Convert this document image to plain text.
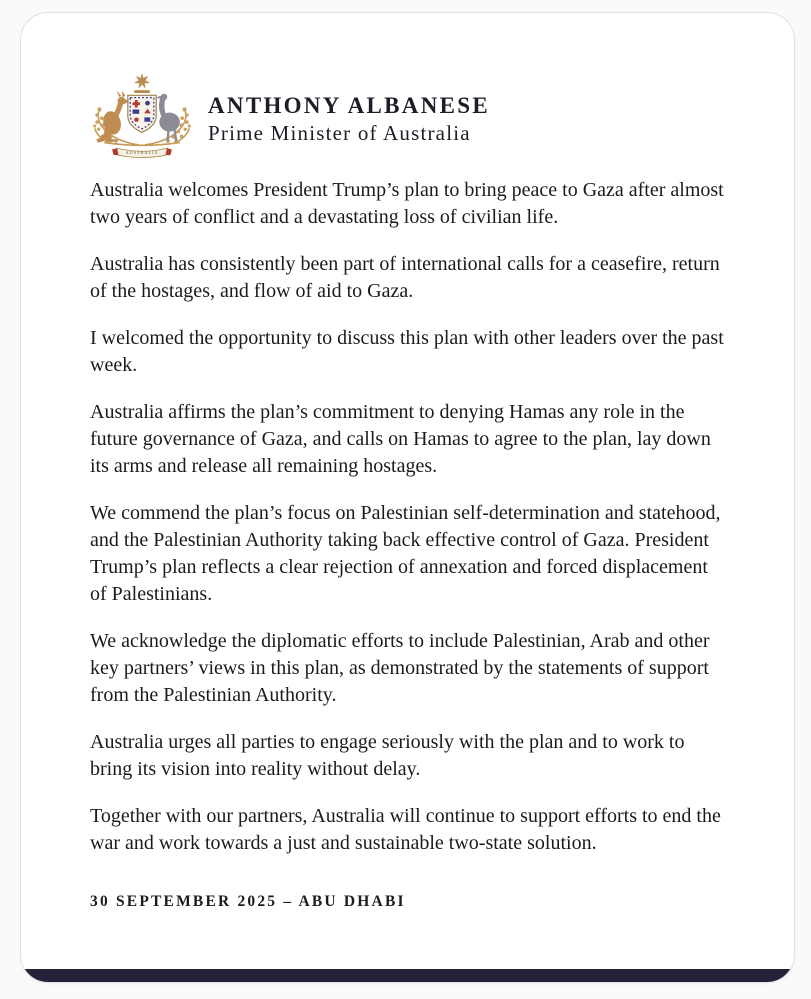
AUSTRALIA
ANTHONY ALBANESE
Prime Minister of Australia

Australia welcomes President Trump’s plan to bring peace to Gaza after almost two years of conflict and a devastating loss of civilian life.

Australia has consistently been part of international calls for a ceasefire, return of the hostages, and flow of aid to Gaza.

I welcomed the opportunity to discuss this plan with other leaders over the past week.

Australia affirms the plan’s commitment to denying Hamas any role in the future governance of Gaza, and calls on Hamas to agree to the plan, lay down its arms and release all remaining hostages.

We commend the plan’s focus on Palestinian self-determination and statehood, and the Palestinian Authority taking back effective control of Gaza. President Trump’s plan reflects a clear rejection of annexation and forced displacement of Palestinians.

We acknowledge the diplomatic efforts to include Palestinian, Arab and other key partners’ views in this plan, as demonstrated by the statements of support from the Palestinian Authority.

Australia urges all parties to engage seriously with the plan and to work to bring its vision into reality without delay.

Together with our partners, Australia will continue to support efforts to end the war and work towards a just and sustainable two-state solution.

30 SEPTEMBER 2025 – ABU DHABI
